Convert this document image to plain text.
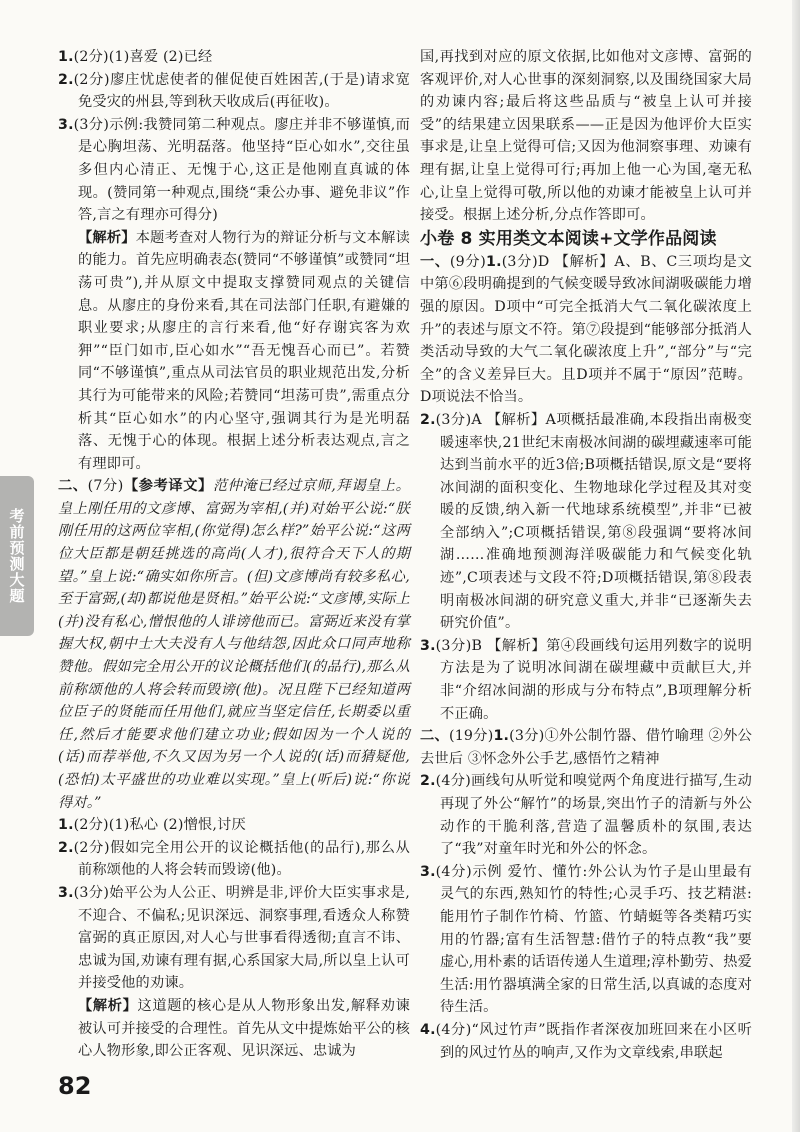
考前预测大题

1.(2分)(1)喜爱 (2)已经

2.(2分)廖庄忧虑使者的催促使百姓困苦,(于是)请求宽免受灾的州县,等到秋天收成后(再征收)。

3.(3分)示例:我赞同第二种观点。廖庄并非不够谨慎,而是心胸坦荡、光明磊落。他坚持“臣心如水”,交往虽多但内心清正、无愧于心,这正是他刚直真诚的体现。(赞同第一种观点,围绕“秉公办事、避免非议”作答,言之有理亦可得分)

【解析】本题考查对人物行为的辩证分析与文本解读的能力。首先应明确表态(赞同“不够谨慎”或赞同“坦荡可贵”),并从原文中提取支撑赞同观点的关键信息。从廖庄的身份来看,其在司法部门任职,有避嫌的职业要求;从廖庄的言行来看,他“好存谢宾客为欢狎”“臣门如市,臣心如水”“吾无愧吾心而已”。若赞同“不够谨慎”,重点从司法官员的职业规范出发,分析其行为可能带来的风险;若赞同“坦荡可贵”,需重点分析其“臣心如水”的内心坚守,强调其行为是光明磊落、无愧于心的体现。根据上述分析表达观点,言之有理即可。

二、(7分)【参考译文】范仲淹已经过京师,拜谒皇上。皇上刚任用的文彦博、富弼为宰相,(并)对始平公说:“朕刚任用的这两位宰相,(你觉得)怎么样?”始平公说:“这两位大臣都是朝廷挑选的高尚(人才),很符合天下人的期望。”皇上说:“确实如你所言。(但)文彦博尚有较多私心,至于富弼,(却)都说他是贤相。”始平公说:“文彦博,实际上(并)没有私心,憎恨他的人诽谤他而已。富弼近来没有掌握大权,朝中士大夫没有人与他结怨,因此众口同声地称赞他。假如完全用公开的议论概括他们(的品行),那么从前称颂他的人将会转而毁谤(他)。况且陛下已经知道两位臣子的贤能而任用他们,就应当坚定信任,长期委以重任,然后才能要求他们建立功业;假如因为一个人说的(话)而荐举他,不久又因为另一个人说的(话)而猜疑他,(恐怕)太平盛世的功业难以实现。”皇上(听后)说:“你说得对。”

1.(2分)(1)私心 (2)憎恨,讨厌

2.(2分)假如完全用公开的议论概括他(的品行),那么从前称颂他的人将会转而毁谤(他)。

3.(3分)始平公为人公正、明辨是非,评价大臣实事求是,不迎合、不偏私;见识深远、洞察事理,看透众人称赞富弼的真正原因,对人心与世事看得透彻;直言不讳、忠诚为国,劝谏有理有据,心系国家大局,所以皇上认可并接受他的劝谏。

【解析】这道题的核心是从人物形象出发,解释劝谏被认可并接受的合理性。首先从文中提炼始平公的核心人物形象,即公正客观、见识深远、忠诚为

国,再找到对应的原文依据,比如他对文彦博、富弼的客观评价,对人心世事的深刻洞察,以及围绕国家大局的劝谏内容;最后将这些品质与“被皇上认可并接受”的结果建立因果联系——正是因为他评价大臣实事求是,让皇上觉得可信;又因为他洞察事理、劝谏有理有据,让皇上觉得可行;再加上他一心为国,毫无私心,让皇上觉得可敬,所以他的劝谏才能被皇上认可并接受。根据上述分析,分点作答即可。

小卷 8 实用类文本阅读+文学作品阅读

一、(9分)1.(3分)D 【解析】A、B、C三项均是文中第⑥段明确提到的气候变暖导致冰间湖吸碳能力增强的原因。D项中“可完全抵消大气二氧化碳浓度上升”的表述与原文不符。第⑦段提到“能够部分抵消人类活动导致的大气二氧化碳浓度上升”,“部分”与“完全”的含义差异巨大。且D项并不属于“原因”范畴。D项说法不恰当。

2.(3分)A 【解析】A项概括最准确,本段指出南极变暖速率快,21世纪末南极冰间湖的碳埋藏速率可能达到当前水平的近3倍;B项概括错误,原文是“要将冰间湖的面积变化、生物地球化学过程及其对变暖的反馈,纳入新一代地球系统模型”,并非“已被全部纳入”;C项概括错误,第⑧段强调“要将冰间湖……准确地预测海洋吸碳能力和气候变化轨迹”,C项表述与文段不符;D项概括错误,第⑧段表明南极冰间湖的研究意义重大,并非“已逐渐失去研究价值”。

3.(3分)B 【解析】第④段画线句运用列数字的说明方法是为了说明冰间湖在碳埋藏中贡献巨大,并非“介绍冰间湖的形成与分布特点”,B项理解分析不正确。

二、(19分)1.(3分)①外公制竹器、借竹喻理 ②外公去世后 ③怀念外公手艺,感悟竹之精神

2.(4分)画线句从听觉和嗅觉两个角度进行描写,生动再现了外公“解竹”的场景,突出竹子的清新与外公动作的干脆利落,营造了温馨质朴的氛围,表达了“我”对童年时光和外公的怀念。

3.(4分)示例 爱竹、懂竹:外公认为竹子是山里最有灵气的东西,熟知竹的特性;心灵手巧、技艺精湛:能用竹子制作竹椅、竹篮、竹蜻蜓等各类精巧实用的竹器;富有生活智慧:借竹子的特点教“我”要虚心,用朴素的话语传递人生道理;淳朴勤劳、热爱生活:用竹器填满全家的日常生活,以真诚的态度对待生活。

4.(4分)“风过竹声”既指作者深夜加班回来在小区听到的风过竹丛的响声,又作为文章线索,串联起

82
